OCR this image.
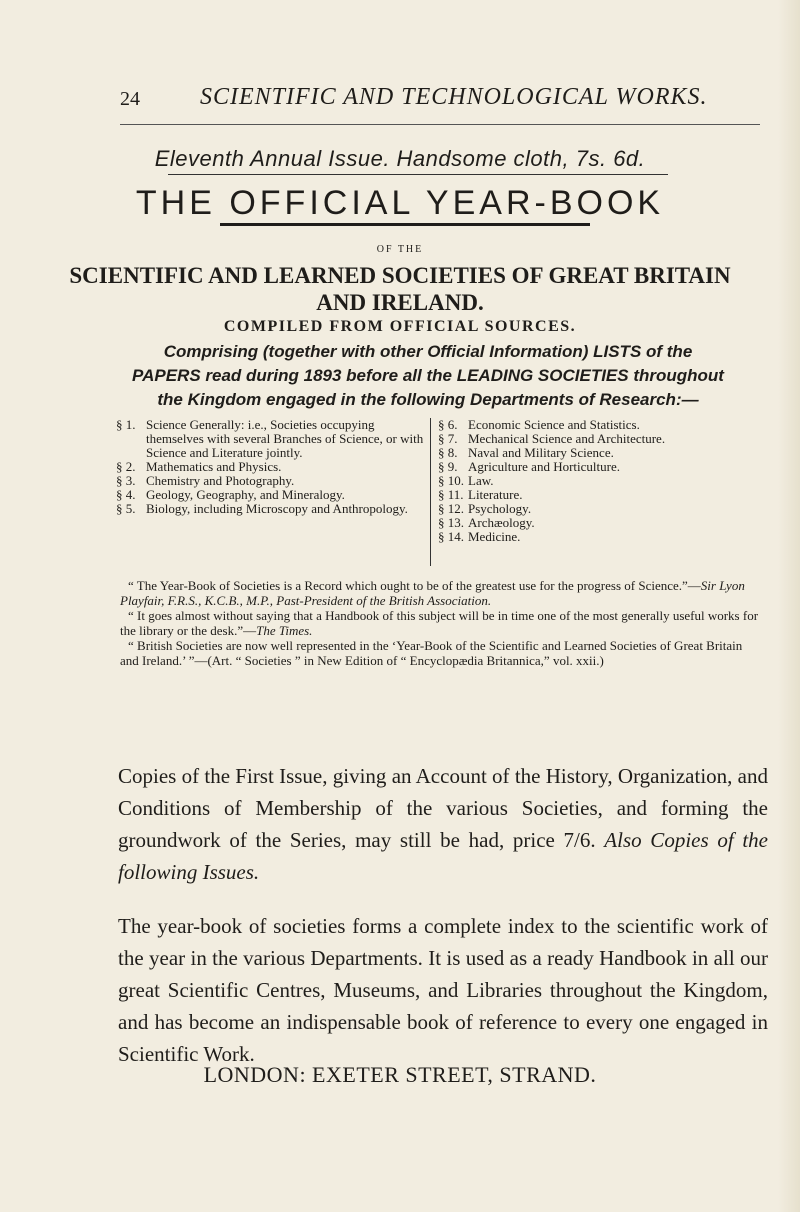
24	SCIENTIFIC AND TECHNOLOGICAL WORKS.
Eleventh Annual Issue. Handsome cloth, 7s. 6d.
THE OFFICIAL YEAR-BOOK
OF THE
SCIENTIFIC AND LEARNED SOCIETIES OF GREAT BRITAIN
AND IRELAND.
COMPILED FROM OFFICIAL SOURCES.
Comprising (together with other Official Information) LISTS of the PAPERS read during 1893 before all the LEADING SOCIETIES throughout the Kingdom engaged in the following Departments of Research:—
§ 1. Science Generally: i.e., Societies occupying themselves with several Branches of Science, or with Science and Literature jointly.
§ 2. Mathematics and Physics.
§ 3. Chemistry and Photography.
§ 4. Geology, Geography, and Mineralogy.
§ 5. Biology, including Microscopy and Anthropology.
§ 6. Economic Science and Statistics.
§ 7. Mechanical Science and Architecture.
§ 8. Naval and Military Science.
§ 9. Agriculture and Horticulture.
§ 10. Law.
§ 11. Literature.
§ 12. Psychology.
§ 13. Archæology.
§ 14. Medicine.

“ The Year-Book of Societies is a Record which ought to be of the greatest use for the progress of Science.”—Sir Lyon Playfair, F.R.S., K.C.B., M.P., Past-President of the British Association.

“ It goes almost without saying that a Handbook of this subject will be in time one of the most generally useful works for the library or the desk.”—The Times.

“ British Societies are now well represented in the ‘Year-Book of the Scientific and Learned Societies of Great Britain and Ireland.’ ”—(Art. “ Societies ” in New Edition of “ Encyclopædia Britannica,” vol. xxii.)

Copies of the First Issue, giving an Account of the History, Organization, and Conditions of Membership of the various Societies, and forming the groundwork of the Series, may still be had, price 7/6. Also Copies of the following Issues.

The year-book of societies forms a complete index to the scientific work of the year in the various Departments. It is used as a ready Handbook in all our great Scientific Centres, Museums, and Libraries throughout the Kingdom, and has become an indispensable book of reference to every one engaged in Scientific Work.

LONDON: EXETER STREET, STRAND.
